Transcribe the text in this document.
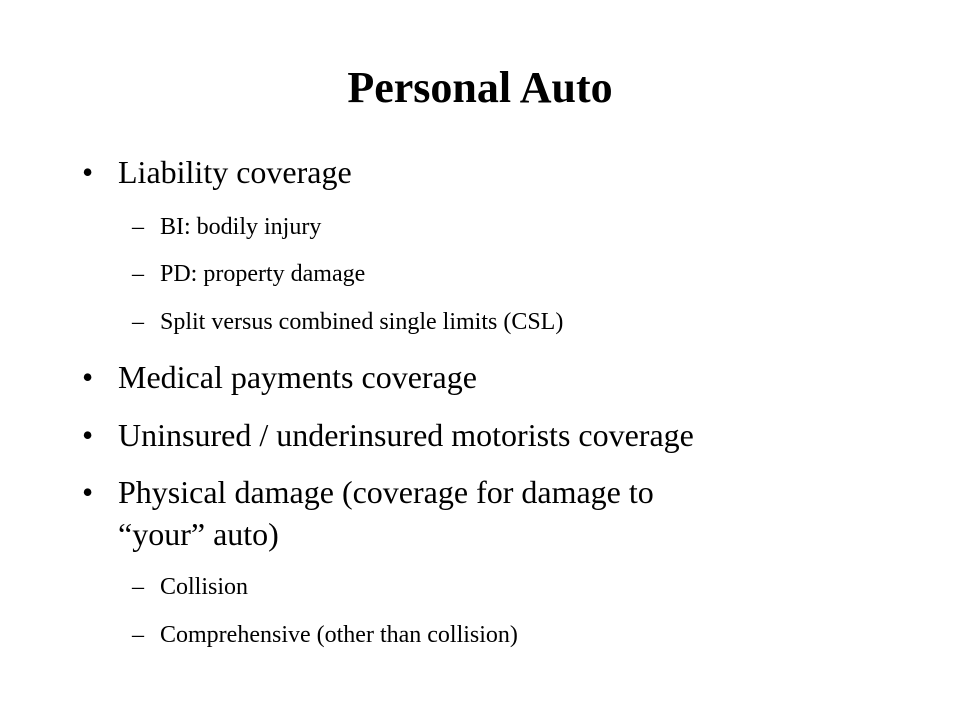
Personal Auto
• Liability coverage
– BI: bodily injury
– PD: property damage
– Split versus combined single limits (CSL)
• Medical payments coverage
• Uninsured / underinsured motorists coverage
• Physical damage (coverage for damage to
“your” auto)
– Collision
– Comprehensive (other than collision)
